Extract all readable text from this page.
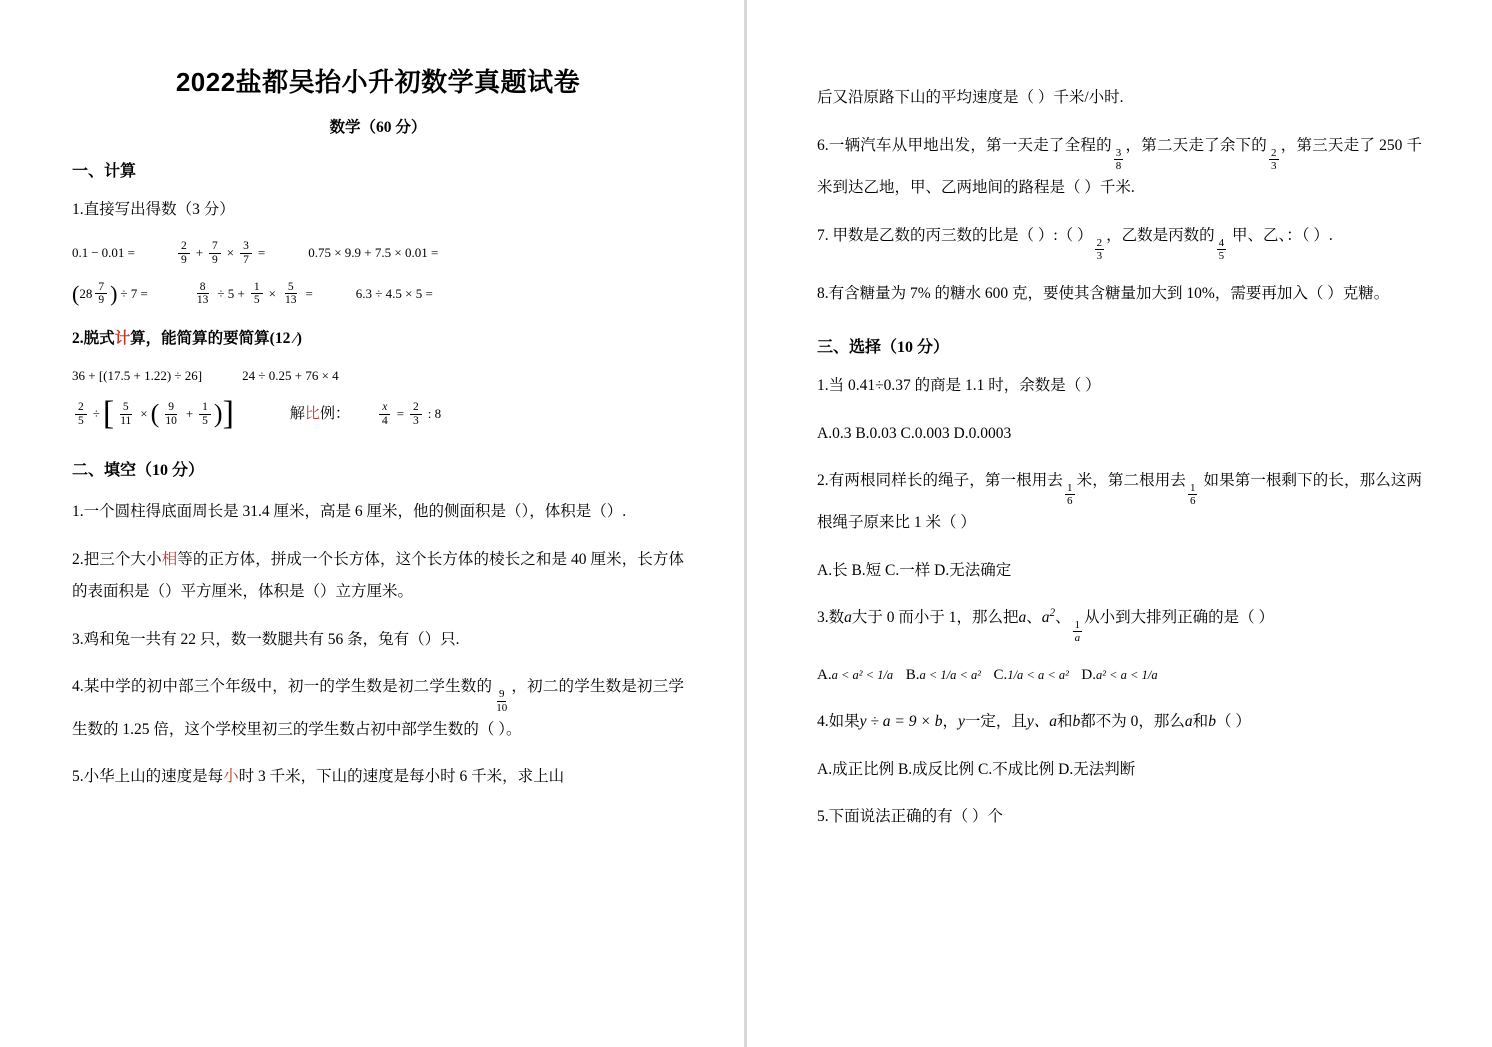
2022盐都吴抬小升初数学真题试卷
数学（60 分）
一、计算
1.直接写出得数（3 分）
0.1 − 0.01 =	$\frac{2}{9} + \frac{7}{9} \times \frac{3}{7}$ =	0.75 × 9.9 + 7.5 × 0.01 =
( $28 \frac{7}{9}$ ) ÷ 7 =	$\frac{8}{13} \div 5 + \frac{1}{5} \times \frac{5}{13}$ =	6.3 ÷ 4.5 × 5 =
2.脱式计算，能简算的要简算(12 ⁄)
36 + [(17.5 + 1.22) ÷ 26]	24 ÷ 0.25 + 76 × 4
$\frac{2}{5}$ ÷ [ $\frac{5}{11}$ × ( $\frac{9}{10} + \frac{1}{5}$ ) ]	解比例：	$\frac{x}{4} = \frac{2}{3}$ : 8
二、填空（10 分）
1.一个圆柱得底面周长是 31.4 厘米，高是 6 厘米，他的侧面积是（），体积是（）.
2.把三个大小相等的正方体，拼成一个长方体，这个长方体的棱长之和是 40 厘米，长方体的表面积是（）平方厘米，体积是（）立方厘米。
3.鸡和兔一共有 22 只，数一数腿共有 56 条，兔有（）只.
4.某中学的初中部三个年级中，初一的学生数是初二学生数的
$\frac{9}{10}$
，初二的学生数是初三学生数的 1.25 倍，这个学校里初三的学生数占初中部学生数的（ ）。
5.小华上山的速度是每小时 3 千米，下山的速度是每小时 6 千米，求上山
后又沿原路下山的平均速度是（ ）千米/小时.
6.一辆汽车从甲地出发，第一天走了全程的
$\frac{3}{8}$
，第二天走了余下的
$\frac{2}{3}$
，第三天走了 250 千米到达乙地，甲、乙两地间的路程是（ ）千米.
7. 甲数是乙数的丙三数的比是（ ）:（ ）
$\frac{2}{3}$
，乙数是丙数的
$\frac{4}{5}$
甲、乙、：（ ）.
8.有含糖量为 7% 的糖水 600 克，要使其含糖量加大到 10%，需要再加入（ ）克糖。
三、选择（10 分）
1.当 0.41÷0.37 的商是 1.1 时，余数是（ ）
A.0.3 B.0.03 C.0.003 D.0.0003
2.有两根同样长的绳子，第一根用去
$\frac{1}{6}$
米，第二根用去
$\frac{1}{6}$
如果第一根剩下的长，那么这两根绳子原来比 1 米（ ）
A.长 B.短 C.一样 D.无法确定
3.数a大于 0 而小于 1，那么把a、$a^2$、
$\frac{1}{a}$
从小到大排列正确的是（ ）
A.a < a² < 1/a B.a < 1/a < a² C.1/a < a < a² D.a² < a < 1/a
4.如果y ÷ a = 9 × b，y一定，且y、a和b都不为 0，那么a和b（ ）
A.成正比例 B.成反比例 C.不成比例 D.无法判断
5.下面说法正确的有（ ）个
